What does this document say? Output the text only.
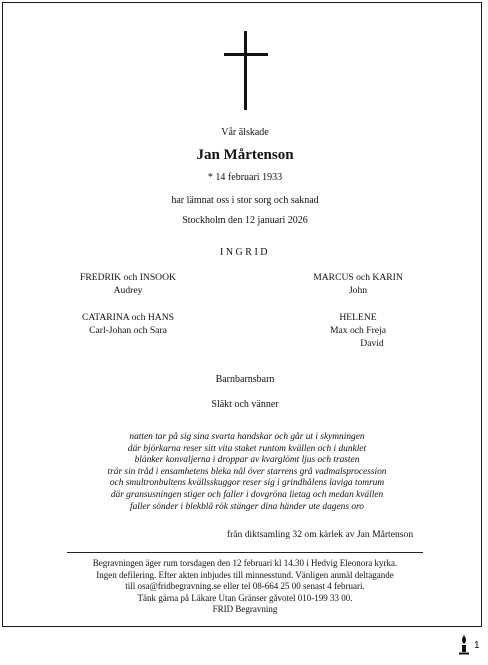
Vår älskade
Jan Mårtenson
* 14 februari 1933
har lämnat oss i stor sorg och saknad
Stockholm den 12 januari 2026
INGRID
FREDRIK och INSOOK
Audrey
MARCUS och KARIN
John
CATARINA och HANS
Carl-Johan och Sara
HELENE
Max och Freja
David
Barnbarnsbarn
Släkt och vänner
natten tar på sig sina svarta handskar och går ut i skymningen
där björkarna reser sitt vita staket runtom kvällen och i dunklet
blänker konvaljerna i droppar av kvarglömt ljus och trasten
trär sin tråd i ensamhetens bleka nål över starrens grå vadmalsprocession
och smultronbultens kvällsskuggor reser sig i grindhålens laviga tomrum
där gransusningen stiger och faller i dovgröna lietag och medan kvällen
faller sönder i blekblå rök stänger dina händer ute dagens oro
från diktsamling 32 om kärlek av Jan Mårtenson
Begravningen äger rum torsdagen den 12 februari kl 14.30 i Hedvig Eleonora kyrka.
Ingen defilering. Efter akten inbjudes till minnesstund. Vänligen anmäl deltagande
till osa@fridbegravning.se eller tel 08-664 25 00 senast 4 februari.
Tänk gärna på Läkare Utan Gränser gåvotel 010-199 33 00.
FRID Begravning
1
